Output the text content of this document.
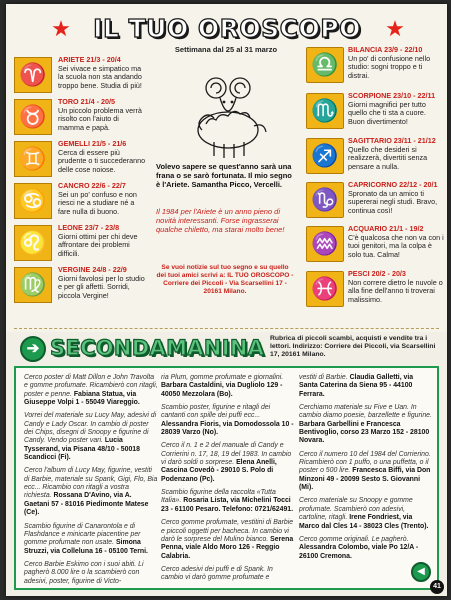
★ IL TUO OROSCOPO	★
Settimana dal 25 al 31 marzo
♈
ARIETE 21/3 - 20/4
Sei vivace e simpatico ma la scuola non sta andando troppo bene. Studia di più!
♉
TORO 21/4 - 20/5
Un piccolo problema verrà risolto con l'aiuto di mamma e papà.
♊
GEMELLI 21/5 - 21/6
Cerca di essere più prudente o ti succederanno delle cose noiose.
♋
CANCRO 22/6 - 22/7
Sei un po' confuso e non riesci ne a studiare né a fare nulla di buono.
♌
LEONE 23/7 - 23/8
Giorni ottimi per chi deve affrontare dei problemi difficili.
♍
VERGINE 24/8 - 22/9
Giorni favolosi per lo studio e per gli affetti. Sorridi, piccola Vergine!
♎
BILANCIA 23/9 - 22/10
Un po' di confusione nello studio: sogni troppo e ti distrai.
♏
SCORPIONE 23/10 - 22/11
Giorni magnifici per tutto quello che ti sta a cuore. Buon divertimento!
♐
SAGITTARIO 23/11 - 21/12
Quello che desideri si realizzerà, divertiti senza pensare a nulla.
♑
CAPRICORNO 22/12 - 20/1
Spronato da un amico ti supererai negli studi. Bravo, continua così!
♒
ACQUARIO 21/1 - 19/2
C'è qualcosa che non va con i tuoi genitori, ma la colpa è solo tua. Calma!
♓
PESCI 20/2 - 20/3
Non correre dietro le nuvole o alla fine dell'anno ti troverai malissimo.
Volevo sapere se quest'anno sarà una frana o se sarò fortunata. Il mio segno è l'Ariete. Samantha Picco, Vercelli.
Il 1984 per l'Ariete è un anno pieno di novità interessanti. Forse ingrasserai qualche chiletto, ma starai molto bene!
Se vuoi notizie sul tuo segno e su quello dei tuoi amici scrivi a: IL TUO OROSCOPO - Corriere dei Piccoli - Via Scarsellini 17 - 20161 Milano.
➔ SECONDAMANINA Rubrica di piccoli scambi, acquisti e vendite tra i lettori. Indirizzo: Corriere dei Piccoli, via Scarsellini 17, 20161 Milano.
Cerco poster di Matt Dillon e John Travolta e gomme profumate. Ricambierò con ritagli, poster e penne. Fabiana Statua, via Giuseppe Volpi 1 - 55049 Viareggio.
Vorrei del materiale su Lucy May, adesivi di Candy e Lady Oscar. In cambio di poster dei Chips, disegni di Snoopy e figurine di Candy. Vendo poster vari. Lucia Tysserand, via Pisana 48/10 - 50018 Scandicci (Fi).
Cerco l'album di Lucy May, figurine, vestiti di Barbie, materiale su Spank, Gigi, Flo, Bia ecc... Ricambio con ritagli a vostra richiesta. Rossana D'Avino, via A. Gaetani 57 - 81016 Piedimonte Matese (Ce).
Scambio figurine di Canarontola e di Flashdance e minicarte piacentine per gomme profumate non usate. Simona Struzzi, via Colleluna 16 - 05100 Terni.
Cerco Barbie Eskimo con i suoi abiti. Li pagherò 8.000 lire o la scambierò con adesivi, poster, figurine di Victo-
ria Plum, gomme profumate e giornalini. Barbara Castaldini, via Dugliolo 129 - 40050 Mezzolara (Bo).
Scambio poster, figurine e ritagli dei cantanti con spille dei puffi ecc... Alessandra Fioris, via Domodossola 10 - 28039 Varzo (No).
Cerco il n. 1 e 2 del manuale di Candy e Corrierini n. 17, 18, 19 del 1983. In cambio vi darò soldi o sorprese. Elena Anelli, Cascina Covedò - 29010 S. Polo di Podenzano (Pc).
Scambio figurine della raccolta «Tutta Italia». Rosaria Lista, via Michelini Tocci 23 - 61100 Pesaro. Telefono: 0721/62491.
Cerco gomme profumate, vestitini di Barbie e piccoli oggetti per bacheca. In cambio vi darò le sorprese del Mulino bianco. Serena Penna, viale Aldo Moro 126 - Reggio Calabria.
Cerco adesivi dei puffi e di Spank. In cambio vi darò gomme profumate e
vestiti di Barbie. Claudia Galletti, via Santa Caterina da Siena 95 - 44100 Ferrara.
Cerchiamo materiale su Five e Uan. In cambio diamo poesie, barzellette e figurine. Barbara Garbellini e Francesca Bentivoglio, corso 23 Marzo 152 - 28100 Novara.
Cerco il numero 10 del 1984 del Corrierino. Ricambierò con 1 puffo, o una puffetta, o il poster o 500 lire. Francesca Biffi, via Don Minzoni 49 - 20099 Sesto S. Giovanni (Mi).
Cerco materiale su Snoopy e gomme profumate. Scambierò con adesivi, cartoline, ritagli. Irene Fondriest, via Marco dal Cles 14 - 38023 Cles (Trento).
Cerco gomme originali. Le pagherò. Alessandra Colombo, viale Po 12/A - 26100 Cremona.
◀
41
